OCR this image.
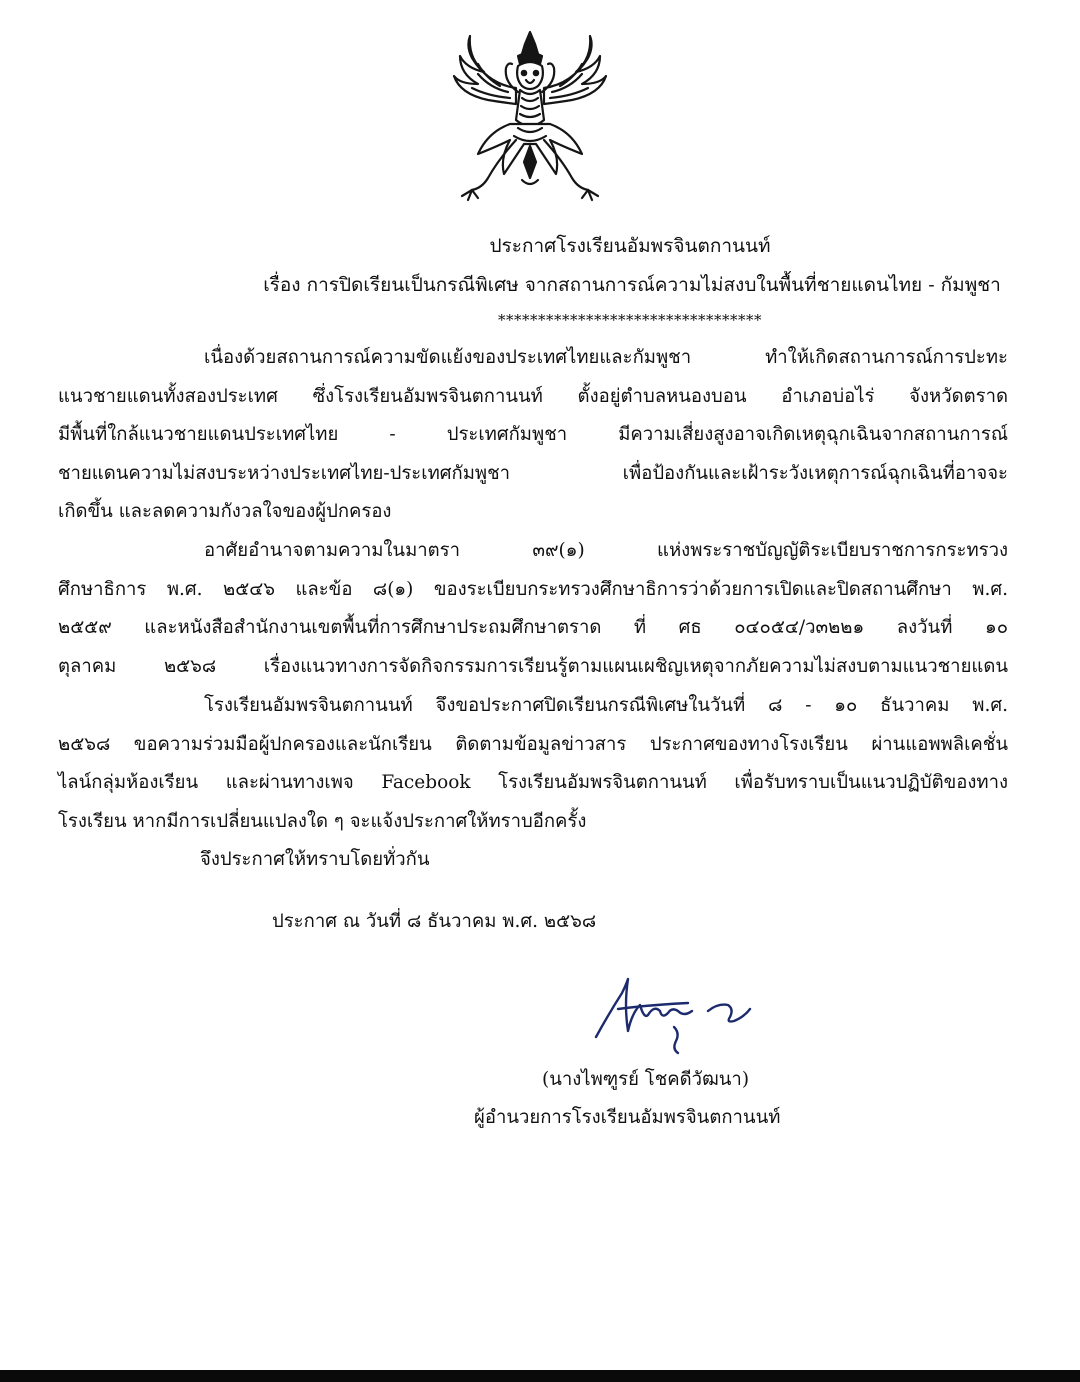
ประกาศโรงเรียนอัมพรจินตกานนท์
เรื่อง การปิดเรียนเป็นกรณีพิเศษ จากสถานการณ์ความไม่สงบในพื้นที่ชายแดนไทย - กัมพูชา
*********************************
เนื่องด้วยสถานการณ์ความขัดแย้งของประเทศไทยและกัมพูชา ทำให้เกิดสถานการณ์การปะทะ
แนวชายแดนทั้งสองประเทศ ซึ่งโรงเรียนอัมพรจินตกานนท์ ตั้งอยู่ตำบลหนองบอน อำเภอบ่อไร่ จังหวัดตราด
มีพื้นที่ใกล้แนวชายแดนประเทศไทย - ประเทศกัมพูชา มีความเสี่ยงสูงอาจเกิดเหตุฉุกเฉินจากสถานการณ์
ชายแดนความไม่สงบระหว่างประเทศไทย-ประเทศกัมพูชา เพื่อป้องกันและเฝ้าระวังเหตุการณ์ฉุกเฉินที่อาจจะ
เกิดขึ้น และลดความกังวลใจของผู้ปกครอง
อาศัยอำนาจตามความในมาตรา ๓๙(๑) แห่งพระราชบัญญัติระเบียบราชการกระทรวง
ศึกษาธิการ พ.ศ. ๒๕๔๖ และข้อ ๘(๑) ของระเบียบกระทรวงศึกษาธิการว่าด้วยการเปิดและปิดสถานศึกษา พ.ศ.
๒๕๕๙ และหนังสือสำนักงานเขตพื้นที่การศึกษาประถมศึกษาตราด ที่ ศธ ๐๔๐๕๔/ว๓๒๒๑ ลงวันที่ ๑๐
ตุลาคม ๒๕๖๘ เรื่องแนวทางการจัดกิจกรรมการเรียนรู้ตามแผนเผชิญเหตุจากภัยความไม่สงบตามแนวชายแดน
โรงเรียนอัมพรจินตกานนท์ จึงขอประกาศปิดเรียนกรณีพิเศษในวันที่ ๘ - ๑๐ ธันวาคม พ.ศ.
๒๕๖๘ ขอความร่วมมือผู้ปกครองและนักเรียน ติดตามข้อมูลข่าวสาร ประกาศของทางโรงเรียน ผ่านแอพพลิเคชั่น
ไลน์กลุ่มห้องเรียน และผ่านทางเพจ Facebook โรงเรียนอัมพรจินตกานนท์ เพื่อรับทราบเป็นแนวปฏิบัติของทาง
โรงเรียน หากมีการเปลี่ยนแปลงใด ๆ จะแจ้งประกาศให้ทราบอีกครั้ง
จึงประกาศให้ทราบโดยทั่วกัน
ประกาศ ณ วันที่ ๘ ธันวาคม พ.ศ. ๒๕๖๘
(นางไพฑูรย์ โชคดีวัฒนา)
ผู้อำนวยการโรงเรียนอัมพรจินตกานนท์
